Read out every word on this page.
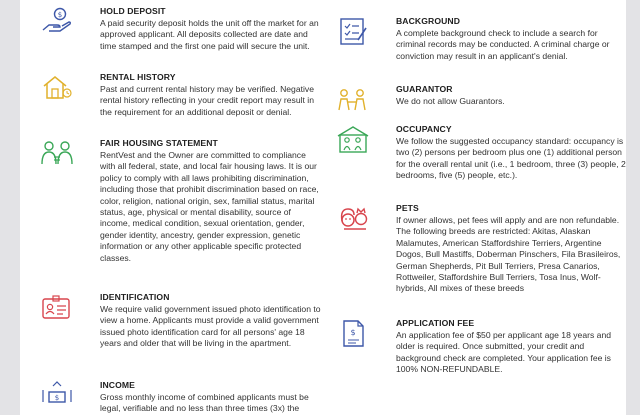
$	HOLD DEPOSIT
A paid security deposit holds the unit off the market for an approved applicant. All deposits collected are date and time stamped and the first one paid will secure the unit.
RENTAL HISTORY
Past and current rental history may be verified. Negative rental history reflecting in your credit report may result in the requirement for an additional deposit or denial.
FAIR HOUSING STATEMENT
RentVest and the Owner are committed to compliance with all federal, state, and local fair housing laws. It is our policy to comply with all laws prohibiting discrimination, including those that prohibit discrimination based on race, color, religion, national origin, sex, familial status, marital status, age, physical or mental disability, source of income, medical condition, sexual orientation, gender, gender identity, ancestry, gender expression, genetic information or any other applicable specific protected classes.
IDENTIFICATION
We require valid government issued photo identification to view a home. Applicants must provide a valid government issued photo identification card for all persons' age 18 years and older that will be living in the apartment.
$
INCOME
Gross monthly income of combined applicants must be legal, verifiable and no less than three times (3x) the
BACKGROUND
A complete background check to include a search for criminal records may be conducted. A criminal charge or conviction may result in an applicant's denial.
GUARANTOR
We do not allow Guarantors.
OCCUPANCY
We follow the suggested occupancy standard: occupancy is two (2) persons per bedroom plus one (1) additional person for the overall rental unit (i.e., 1 bedroom, three (3) people, 2 bedrooms, five (5) people, etc.).
PETS
If owner allows, pet fees will apply and are non refundable. The following breeds are restricted: Akitas, Alaskan Malamutes, American Staffordshire Terriers, Argentine Dogos, Bull Mastiffs, Doberman Pinschers, Fila Brasileiros, German Shepherds, Pit Bull Terriers, Presa Canarios, Rottweiler, Staffordshire Bull Terriers, Tosa Inus, Wolf-hybrids, All mixes of these breeds
$
APPLICATION FEE
An application fee of $50 per applicant age 18 years and older is required. Once submitted, your credit and background check are completed. Your application fee is 100% NON-REFUNDABLE.
